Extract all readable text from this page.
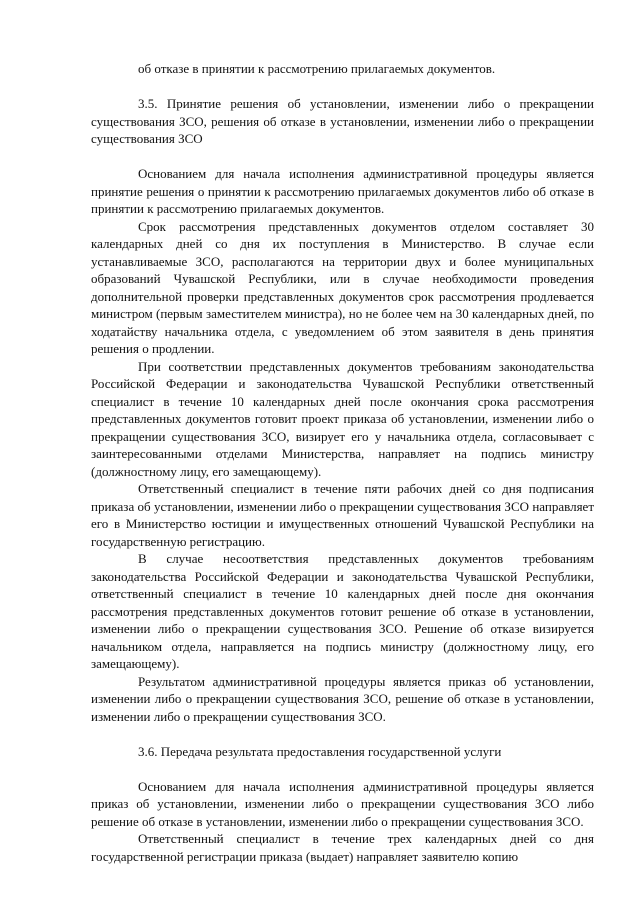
об отказе в принятии к рассмотрению прилагаемых документов.

3.5. Принятие решения об установлении, изменении либо о прекращении существования ЗСО, решения об отказе в установлении, изменении либо о прекращении существования ЗСО

Основанием для начала исполнения административной процедуры является принятие решения о принятии к рассмотрению прилагаемых документов либо об отказе в принятии к рассмотрению прилагаемых документов.

Срок рассмотрения представленных документов отделом составляет 30 календарных дней со дня их поступления в Министерство. В случае если устанавливаемые ЗСО, располагаются на территории двух и более муниципальных образований Чувашской Республики, или в случае необходимости проведения дополнительной проверки представленных документов срок рассмотрения продлевается министром (первым заместителем министра), но не более чем на 30 календарных дней, по ходатайству начальника отдела, с уведомлением об этом заявителя в день принятия решения о продлении.

При соответствии представленных документов требованиям законодательства Российской Федерации и законодательства Чувашской Республики ответственный специалист в течение 10 календарных дней после окончания срока рассмотрения представленных документов готовит проект приказа об установлении, изменении либо о прекращении существования ЗСО, визирует его у начальника отдела, согласовывает с заинтересованными отделами Министерства, направляет на подпись министру (должностному лицу, его замещающему).

Ответственный специалист в течение пяти рабочих дней со дня подписания приказа об установлении, изменении либо о прекращении существования ЗСО направляет его в Министерство юстиции и имущественных отношений Чувашской Республики на государственную регистрацию.

В случае несоответствия представленных документов требованиям законодательства Российской Федерации и законодательства Чувашской Республики, ответственный специалист в течение 10 календарных дней после дня окончания рассмотрения представленных документов готовит решение об отказе в установлении, изменении либо о прекращении существования ЗСО. Решение об отказе визируется начальником отдела, направляется на подпись министру (должностному лицу, его замещающему).

Результатом административной процедуры является приказ об установлении, изменении либо о прекращении существования ЗСО, решение об отказе в установлении, изменении либо о прекращении существования ЗСО.

3.6. Передача результата предоставления государственной услуги

Основанием для начала исполнения административной процедуры является приказ об установлении, изменении либо о прекращении существования ЗСО либо решение об отказе в установлении, изменении либо о прекращении существования ЗСО.

Ответственный специалист в течение трех календарных дней со дня государственной регистрации приказа (выдает) направляет заявителю копию
